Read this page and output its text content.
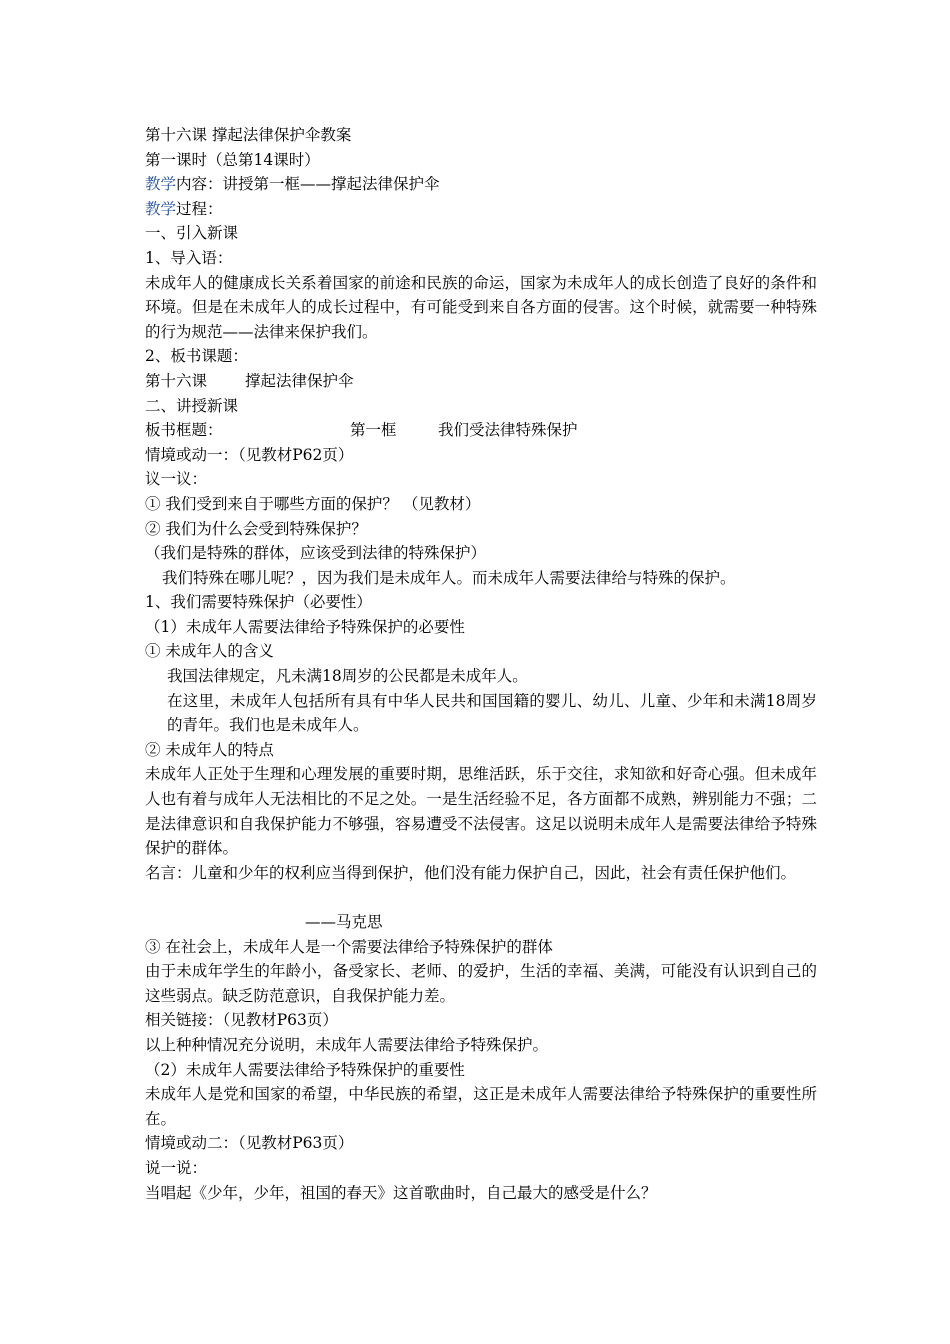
第十六课 撑起法律保护伞教案
第一课时（总第14课时）
教学内容：讲授第一框——撑起法律保护伞
教学过程：
一、引入新课
1、导入语：
未成年人的健康成长关系着国家的前途和民族的命运，国家为未成年人的成长创造了良好的条件和环境。但是在未成年人的成长过程中，有可能受到来自各方面的侵害。这个时候，就需要一种特殊的行为规范——法律来保护我们。
2、板书课题：
第十六课 撑起法律保护伞
二、讲授新课
板书框题：	第一框	我们受法律特殊保护
情境或动一：（见教材P62页）
议一议：
① 我们受到来自于哪些方面的保护？ （见教材）
② 我们为什么会受到特殊保护？
（我们是特殊的群体，应该受到法律的特殊保护）
我们特殊在哪儿呢？，因为我们是未成年人。而未成年人需要法律给与特殊的保护。
1、我们需要特殊保护（必要性）
（1）未成年人需要法律给予特殊保护的必要性
① 未成年人的含义
我国法律规定，凡未满18周岁的公民都是未成年人。
在这里，未成年人包括所有具有中华人民共和国国籍的婴儿、幼儿、儿童、少年和未满18周岁的青年。我们也是未成年人。
② 未成年人的特点
未成年人正处于生理和心理发展的重要时期，思维活跃，乐于交往，求知欲和好奇心强。但未成年人也有着与成年人无法相比的不足之处。一是生活经验不足，各方面都不成熟，辨别能力不强；二是法律意识和自我保护能力不够强，容易遭受不法侵害。这足以说明未成年人是需要法律给予特殊保护的群体。
名言：儿童和少年的权利应当得到保护，他们没有能力保护自己，因此，社会有责任保护他们。
——马克思
③ 在社会上，未成年人是一个需要法律给予特殊保护的群体
由于未成年学生的年龄小，备受家长、老师、的爱护，生活的幸福、美满，可能没有认识到自己的这些弱点。缺乏防范意识，自我保护能力差。
相关链接：（见教材P63页）
以上种种情况充分说明，未成年人需要法律给予特殊保护。
（2）未成年人需要法律给予特殊保护的重要性
未成年人是党和国家的希望，中华民族的希望，这正是未成年人需要法律给予特殊保护的重要性所在。
情境或动二：（见教材P63页）
说一说：
当唱起《少年，少年，祖国的春天》这首歌曲时，自己最大的感受是什么？
